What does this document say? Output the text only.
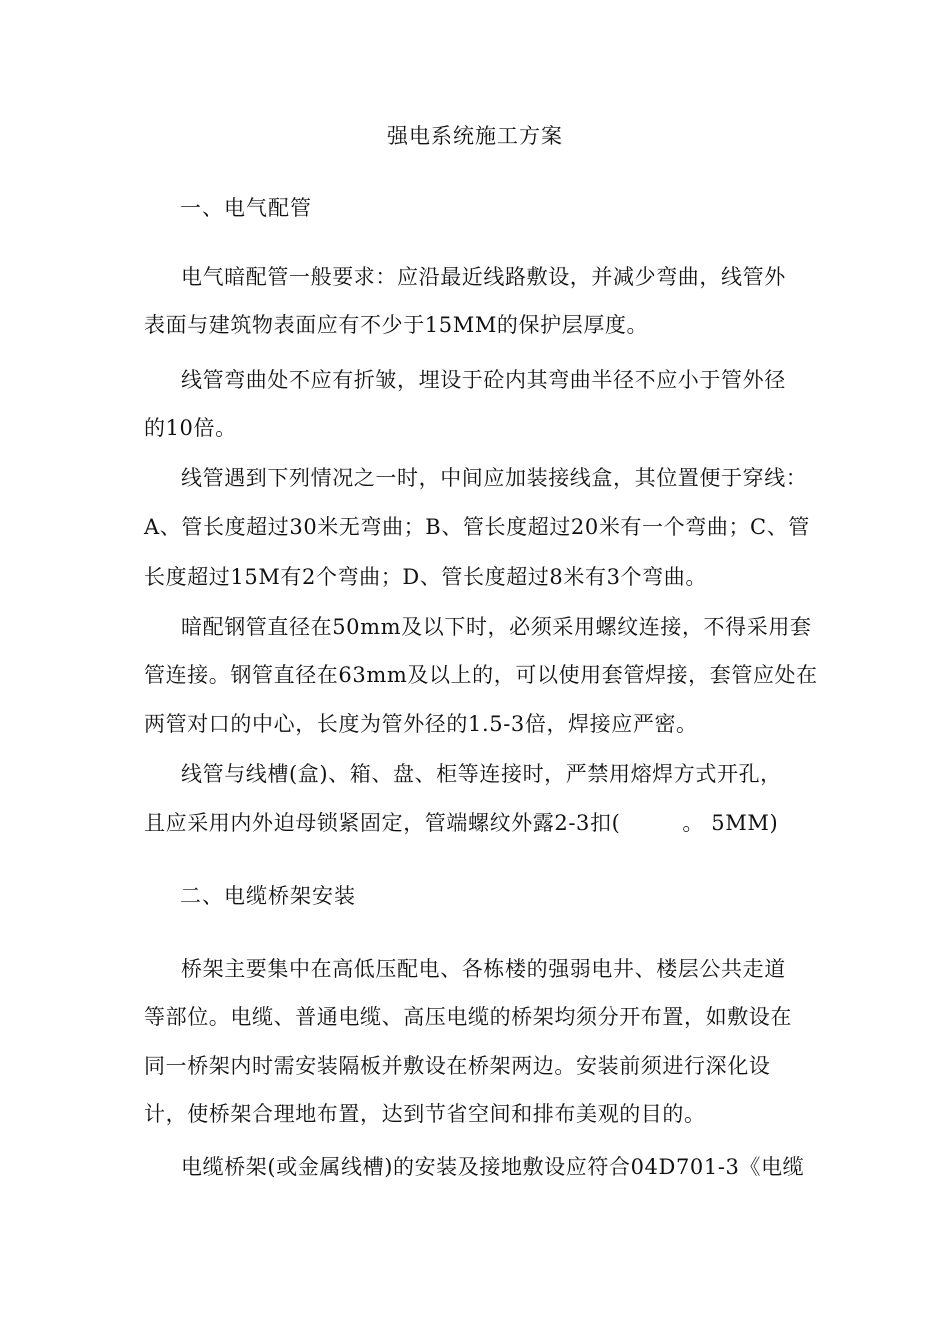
强电系统施工方案
一、电气配管
电气暗配管一般要求：应沿最近线路敷设，并减少弯曲，线管外
表面与建筑物表面应有不少于15MM的保护层厚度。
线管弯曲处不应有折皱，埋设于砼内其弯曲半径不应小于管外径
的10倍。
线管遇到下列情况之一时，中间应加装接线盒，其位置便于穿线：
A、管长度超过30米无弯曲；B、管长度超过20米有一个弯曲；C、管
长度超过15M有2个弯曲；D、管长度超过8米有3个弯曲。
暗配钢管直径在50mm及以下时，必须采用螺纹连接，不得采用套
管连接。钢管直径在63mm及以上的，可以使用套管焊接，套管应处在
两管对口的中心，长度为管外径的1.5-3倍，焊接应严密。
线管与线槽(盒)、箱、盘、柜等连接时，严禁用熔焊方式开孔，
且应采用内外迫母锁紧固定，管端螺纹外露2-3扣(	。 5MM)
二、电缆桥架安装
桥架主要集中在高低压配电、各栋楼的强弱电井、楼层公共走道
等部位。电缆、普通电缆、高压电缆的桥架均须分开布置，如敷设在
同一桥架内时需安装隔板并敷设在桥架两边。安装前须进行深化设
计，使桥架合理地布置，达到节省空间和排布美观的目的。
电缆桥架(或金属线槽)的安装及接地敷设应符合04D701-3《电缆
